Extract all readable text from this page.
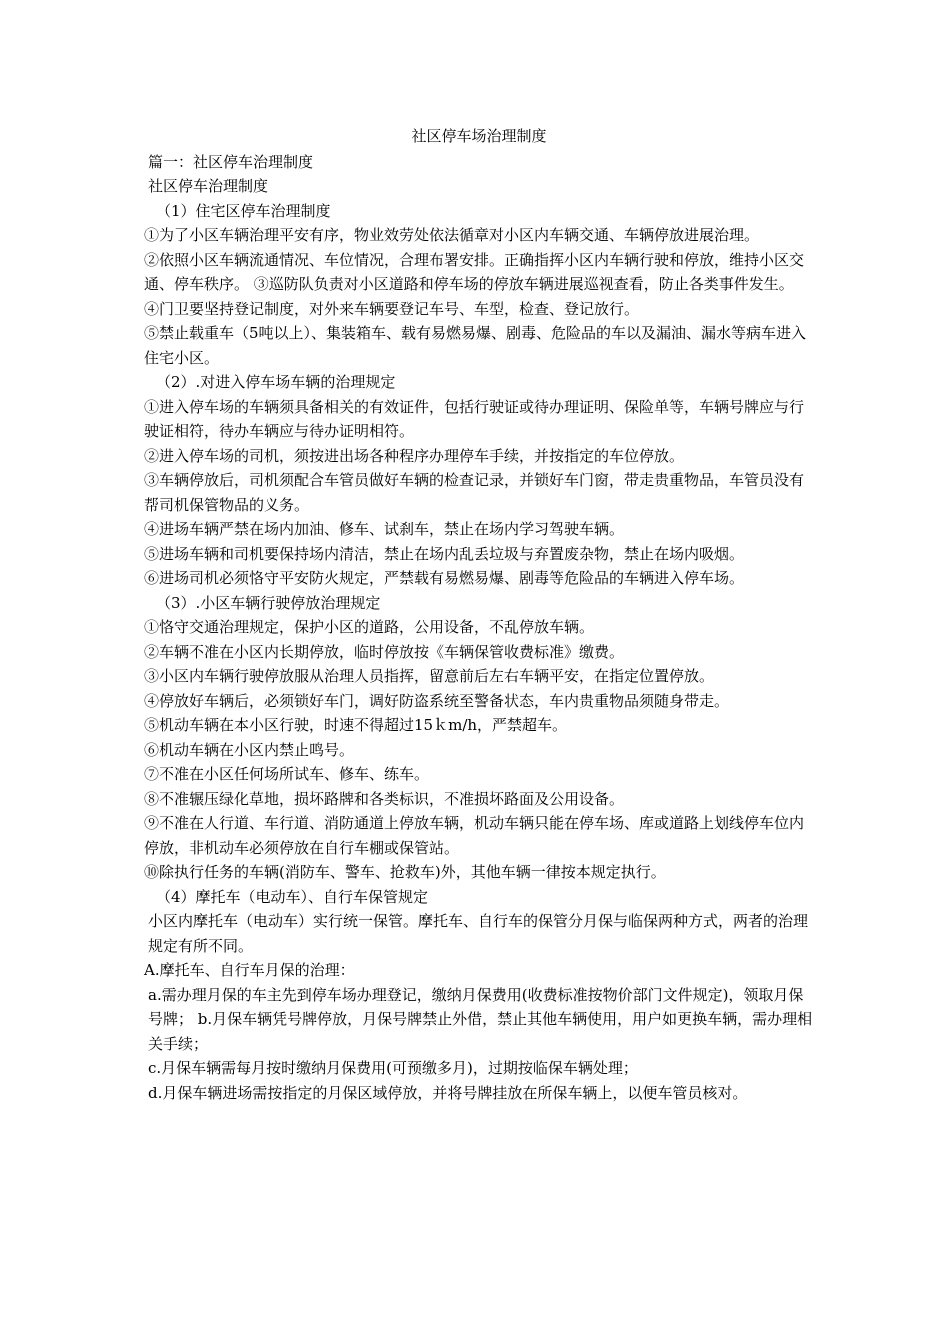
社区停车场治理制度

篇一：社区停车治理制度

社区停车治理制度

（1）住宅区停车治理制度

①为了小区车辆治理平安有序，物业效劳处依法循章对小区内车辆交通、车辆停放进展治理。

②依照小区车辆流通情况、车位情况，合理布署安排。正确指挥小区内车辆行驶和停放，维持小区交通、停车秩序。 ③巡防队负责对小区道路和停车场的停放车辆进展巡视查看，防止各类事件发生。

④门卫要坚持登记制度，对外来车辆要登记车号、车型，检查、登记放行。

⑤禁止载重车（5吨以上）、集装箱车、载有易燃易爆、剧毒、危险品的车以及漏油、漏水等病车进入住宅小区。

（2）.对进入停车场车辆的治理规定

①进入停车场的车辆须具备相关的有效证件，包括行驶证或待办理证明、保险单等，车辆号牌应与行驶证相符，待办车辆应与待办证明相符。

②进入停车场的司机，须按进出场各种程序办理停车手续，并按指定的车位停放。

③车辆停放后，司机须配合车管员做好车辆的检查记录，并锁好车门窗，带走贵重物品，车管员没有帮司机保管物品的义务。

④进场车辆严禁在场内加油、修车、试刹车，禁止在场内学习驾驶车辆。

⑤进场车辆和司机要保持场内清洁，禁止在场内乱丢垃圾与弃置废杂物，禁止在场内吸烟。

⑥进场司机必须恪守平安防火规定，严禁载有易燃易爆、剧毒等危险品的车辆进入停车场。

（3）.小区车辆行驶停放治理规定

①恪守交通治理规定，保护小区的道路，公用设备，不乱停放车辆。

②车辆不准在小区内长期停放，临时停放按《车辆保管收费标准》缴费。

③小区内车辆行驶停放服从治理人员指挥，留意前后左右车辆平安，在指定位置停放。

④停放好车辆后，必须锁好车门，调好防盗系统至警备状态，车内贵重物品须随身带走。

⑤机动车辆在本小区行驶，时速不得超过15ｋm/h，严禁超车。

⑥机动车辆在小区内禁止鸣号。

⑦不准在小区任何场所试车、修车、练车。

⑧不准辗压绿化草地，损坏路牌和各类标识，不准损坏路面及公用设备。

⑨不准在人行道、车行道、消防通道上停放车辆，机动车辆只能在停车场、库或道路上划线停车位内停放，非机动车必须停放在自行车棚或保管站。

⑩除执行任务的车辆(消防车、警车、抢救车)外，其他车辆一律按本规定执行。

（4）摩托车（电动车）、自行车保管规定

小区内摩托车（电动车）实行统一保管。摩托车、自行车的保管分月保与临保两种方式，两者的治理规定有所不同。

A.摩托车、自行车月保的治理：

a.需办理月保的车主先到停车场办理登记，缴纳月保费用(收费标准按物价部门文件规定)，领取月保号牌； b.月保车辆凭号牌停放，月保号牌禁止外借，禁止其他车辆使用，用户如更换车辆，需办理相关手续；

c.月保车辆需每月按时缴纳月保费用(可预缴多月)，过期按临保车辆处理；

d.月保车辆进场需按指定的月保区域停放，并将号牌挂放在所保车辆上，以便车管员核对。
